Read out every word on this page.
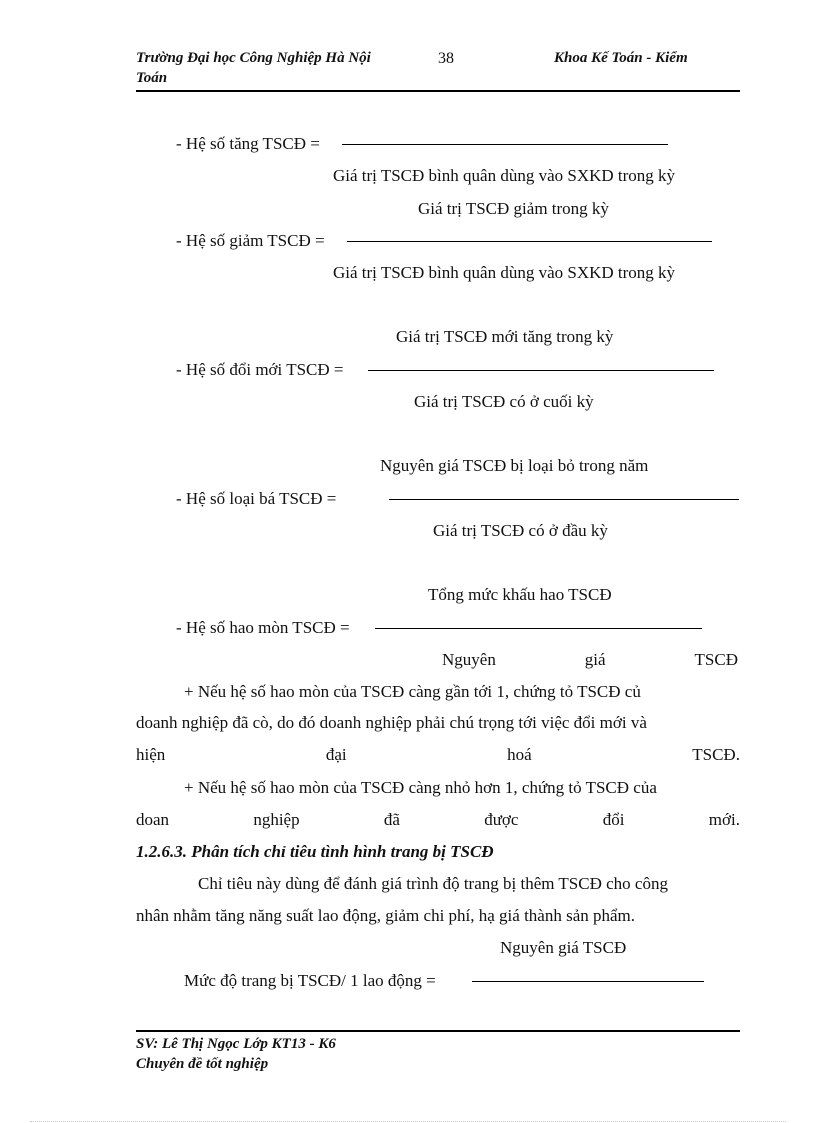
Trường Đại học Công Nghiệp Hà Nội
Toán
38	Khoa Kế Toán - Kiểm
- Hệ số tăng TSCĐ =
Giá trị TSCĐ bình quân dùng vào SXKD trong kỳ
Giá trị TSCĐ giảm trong kỳ
- Hệ số giảm TSCĐ =
Giá trị TSCĐ bình quân dùng vào SXKD trong kỳ
Giá trị TSCĐ mới tăng trong kỳ
- Hệ số đổi mới TSCĐ =
Giá trị TSCĐ có ở cuối kỳ
Nguyên giá TSCĐ bị loại bỏ trong năm
- Hệ số loại bá TSCĐ =
Giá trị TSCĐ có ở đầu kỳ
Tổng mức khấu hao TSCĐ
- Hệ số hao mòn TSCĐ =
Nguyên	giá	TSCĐ
+ Nếu hệ số hao mòn của TSCĐ càng gần tới 1, chứng tỏ TSCĐ củ
doanh nghiệp đã cò, do đó doanh nghiệp phải chú trọng tới việc đổi mới và
hiện	đại	hoá	TSCĐ.
+ Nếu hệ số hao mòn của TSCĐ càng nhỏ hơn 1, chứng tỏ TSCĐ của
doan	nghiệp	đã	được	đổi	mới.
1.2.6.3. Phân tích chỉ tiêu tình hình trang bị TSCĐ
Chỉ tiêu này dùng để đánh giá trình độ trang bị thêm TSCĐ cho công
nhân nhằm tăng năng suất lao động, giảm chi phí, hạ giá thành sản phẩm.
Nguyên giá TSCĐ
Mức độ trang bị TSCĐ/ 1 lao động =
SV: Lê Thị Ngọc Lớp KT13 - K6
Chuyên đề tốt nghiệp
